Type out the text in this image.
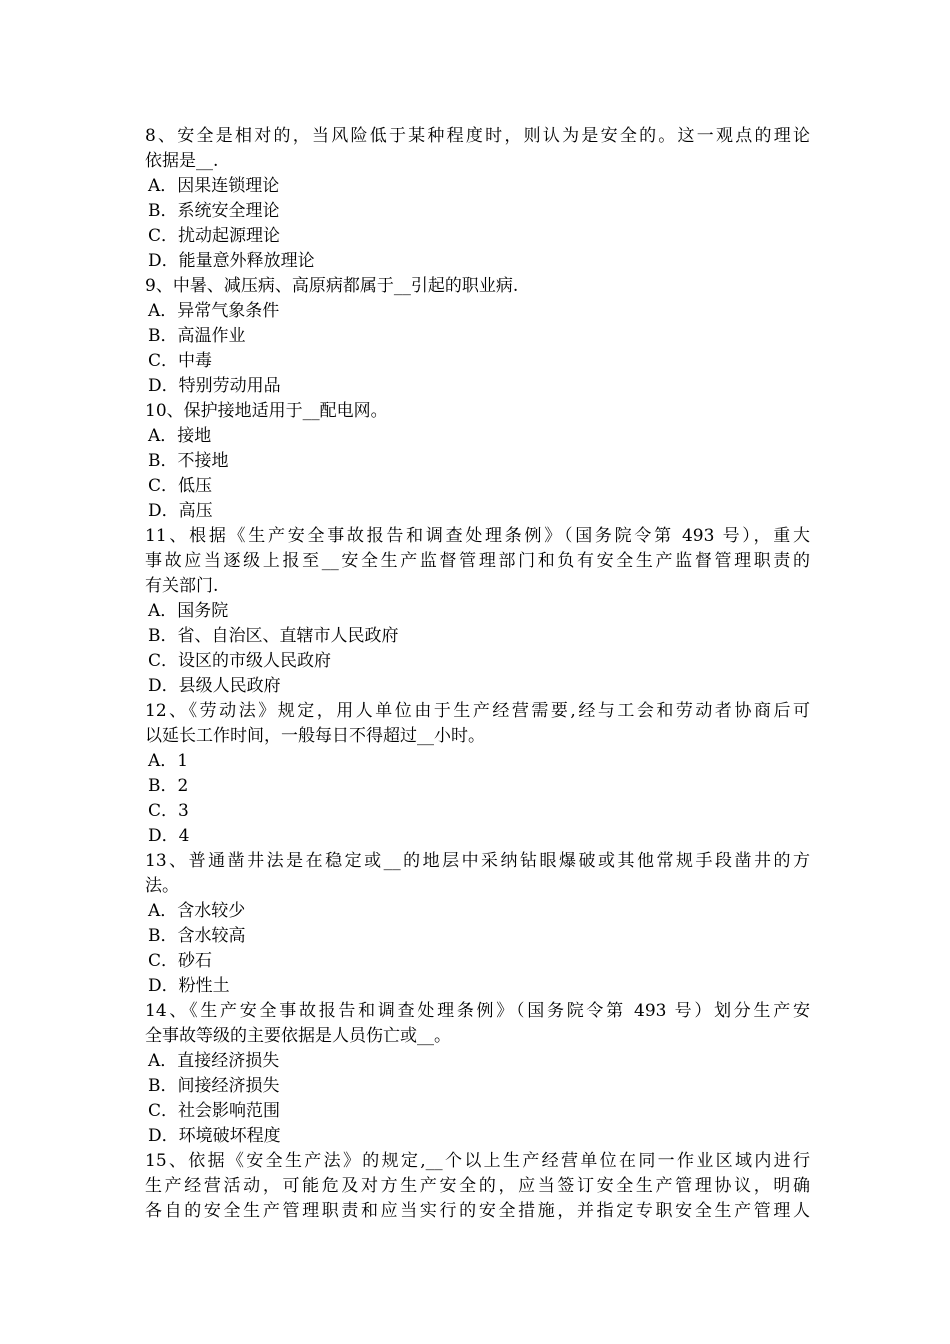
8、安全是相对的，当风险低于某种程度时，则认为是安全的。这一观点的理论
依据是__.
A．因果连锁理论
B．系统安全理论
C．扰动起源理论
D．能量意外释放理论
9、中暑、减压病、高原病都属于__引起的职业病.
A．异常气象条件
B．高温作业
C．中毒
D．特别劳动用品
10、保护接地适用于__配电网。
A．接地
B．不接地
C．低压
D．高压
11、根据《生产安全事故报告和调查处理条例》（国务院令第 493 号），重大
事故应当逐级上报至__安全生产监督管理部门和负有安全生产监督管理职责的
有关部门.
A．国务院
B．省、自治区、直辖市人民政府
C．设区的市级人民政府
D．县级人民政府
12、《劳动法》规定，用人单位由于生产经营需要,经与工会和劳动者协商后可
以延长工作时间，一般每日不得超过__小时。
A．1
B．2
C．3
D．4
13、普通凿井法是在稳定或__的地层中采纳钻眼爆破或其他常规手段凿井的方
法。
A．含水较少
B．含水较高
C．砂石
D．粉性土
14、《生产安全事故报告和调查处理条例》（国务院令第 493 号）划分生产安
全事故等级的主要依据是人员伤亡或__。
A．直接经济损失
B．间接经济损失
C．社会影响范围
D．环境破坏程度
15、依据《安全生产法》的规定,__个以上生产经营单位在同一作业区域内进行
生产经营活动，可能危及对方生产安全的，应当签订安全生产管理协议，明确
各自的安全生产管理职责和应当实行的安全措施，并指定专职安全生产管理人
